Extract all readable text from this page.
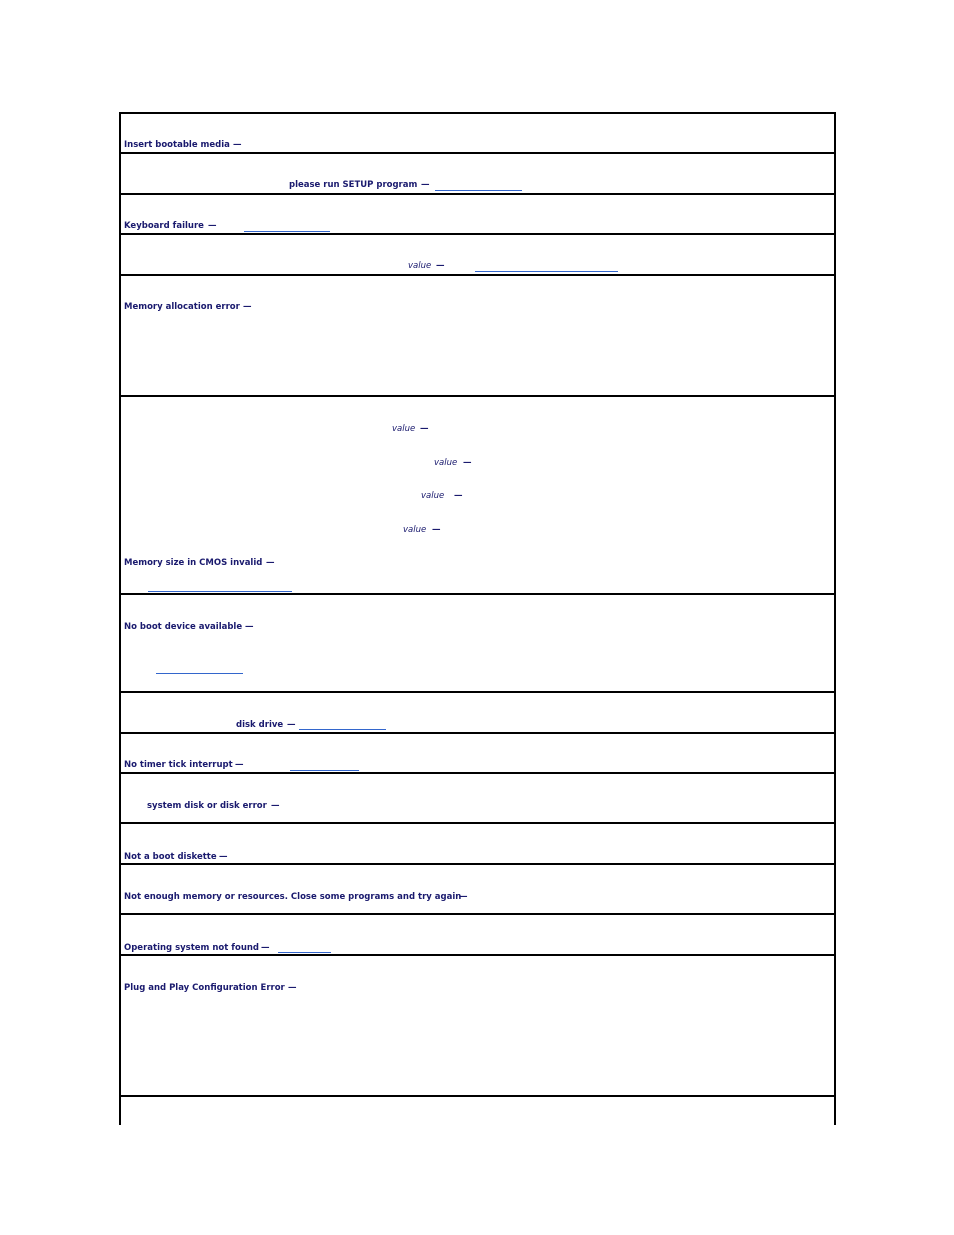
Insert bootable media —
please run SETUP program —
Keyboard failure —
value —
Memory allocation error —
value —
value —
value —
value —
Memory size in CMOS invalid —
No boot device available —
disk drive —
No timer tick interrupt —
system disk or disk error —
Not a boot diskette —
Not enough memory or resources. Close some programs and try again
—
Operating system not found —
Plug and Play Configuration Error —
